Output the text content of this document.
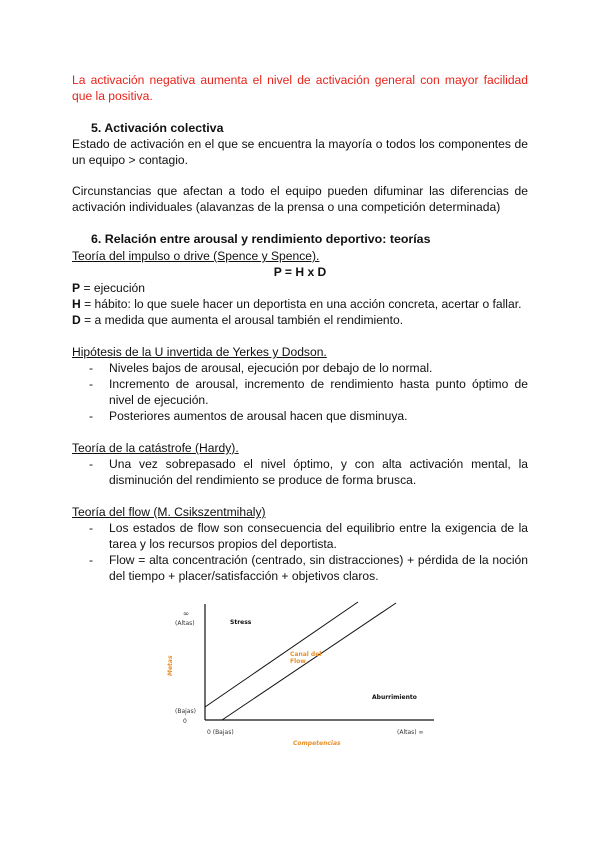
La activación negativa aumenta el nivel de activación general con mayor facilidad que la positiva.

5. Activación colectiva

Estado de activación en el que se encuentra la mayoría o todos los componentes de un equipo > contagio.

Circunstancias que afectan a todo el equipo pueden difuminar las diferencias de activación individuales (alavanzas de la prensa o una competición determinada)

6. Relación entre arousal y rendimiento deportivo: teorías

Teoría del impulso o drive (Spence y Spence).

P = H x D

P = ejecución

H = hábito: lo que suele hacer un deportista en una acción concreta, acertar o fallar.

D = a medida que aumenta el arousal también el rendimiento.

Hipótesis de la U invertida de Yerkes y Dodson.

- Niveles bajos de arousal, ejecución por debajo de lo normal.
- Incremento de arousal, incremento de rendimiento hasta punto óptimo de nivel de ejecución.
- Posteriores aumentos de arousal hacen que disminuya.

Teoría de la catástrofe (Hardy).

- Una vez sobrepasado el nivel óptimo, y con alta activación mental, la disminución del rendimiento se produce de forma brusca.

Teoría del flow (M. Csikszentmihaly)

- Los estados de flow son consecuencia del equilibrio entre la exigencia de la tarea y los recursos propios del deportista.
- Flow = alta concentración (centrado, sin distracciones) + pérdida de la noción del tiempo + placer/satisfacción + objetivos claros.
∞
(Altas)
(Bajas)
0
0 (Bajas)	(Altas) ∞
Metas
Competencias
Stress
Canal del
Flow
Aburrimiento
